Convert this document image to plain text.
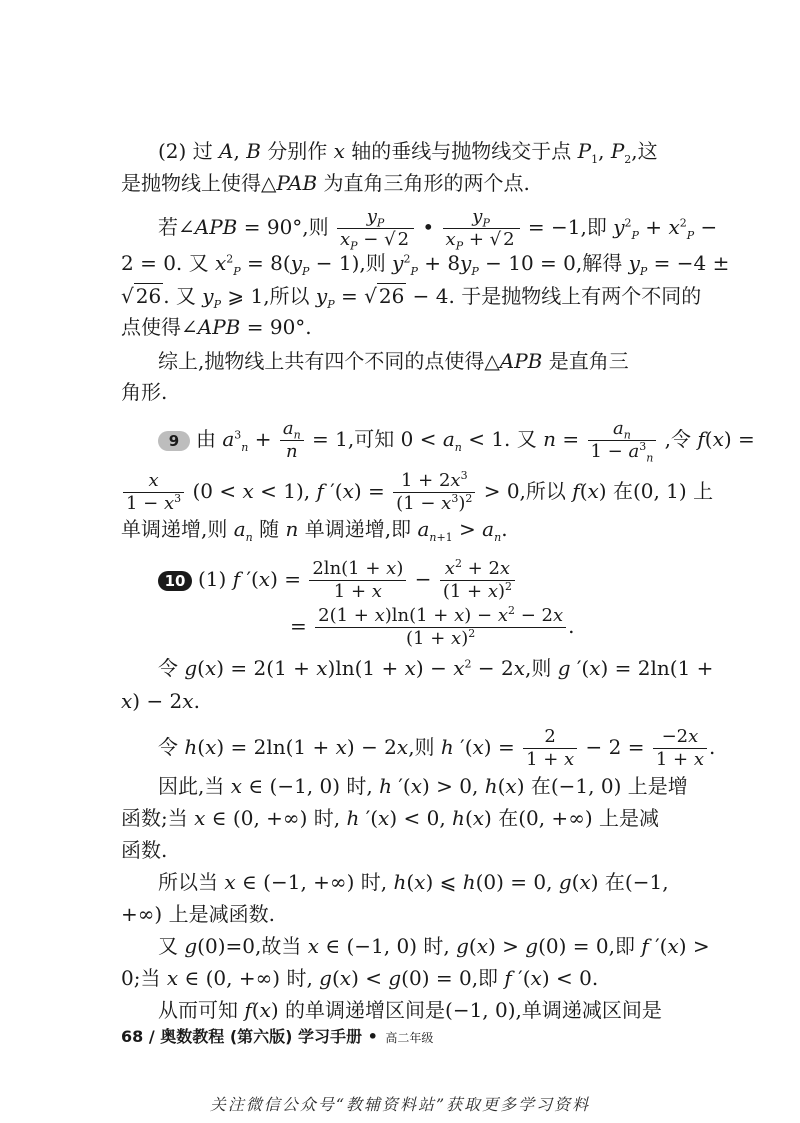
(2) 过 A, B 分别作 x 轴的垂线与抛物线交于点 $P_1$, $P_2$,这
是抛物线上使得△PAB 为直角三角形的两个点.
若∠APB = 90°,则 $\frac{y_P}{x_P - √ 2}$ • $\frac{y_P}{x_P + √ 2} = -1$,即 $y^2_P + x^2_P$ −
2 = 0. 又 $x^2_P = 8(y_P - 1)$,则 $y^2_P + 8y_P - 10 = 0$,解得 $y_P = -4$ ±
√ 26 . 又 $y_P$ ⩾ 1,所以 $y_P$ = √ 26 − 4. 于是抛物线上有两个不同的
点使得∠APB = 90°.
综上,抛物线上共有四个不同的点使得△APB 是直角三
角形.
9 由 $a^3_n + \frac{a_n}{n} = 1$,可知 $0 < a_n < 1$. 又 $n = \frac{a_n}{1 - a^3_n}$ ,令 f(x) =
$\frac{x}{1 - x^3} (0 < x < 1)$, f $'(x) = \frac{1 + 2x^3}{(1 - x^3)^2} > 0$,所以 f(x) 在(0, 1) 上
单调递增,则 $a_n$ 随 n 单调递增,即 $a_{n+1} > a_n$.
10 (1) f $'(x) = \frac{2\ln(1 + x)}{1 + x} - \frac{x^2 + 2x}{(1 + x)^2}$
= $\frac{2(1 + x)\ln(1 + x) - x^2 - 2x}{(1 + x)^2}$ .
令 $g(x) = 2(1 + x)\ln(1 + x) - x^2 - 2x$,则 g ′(x) = 2ln(1 +
x) − 2x.
令 h(x) = 2ln(1 + x) − 2x,则 h $'(x) = \frac{2}{1 + x} - 2 = \frac{-2x}{1 + x}$ .
因此,当 x ∈ (−1, 0) 时, h ′(x) > 0, h(x) 在(−1, 0) 上是增
函数;当 x ∈ (0, +∞) 时, h ′(x) < 0, h(x) 在(0, +∞) 上是减
函数.
所以当 x ∈ (−1, +∞) 时, h(x) ⩽ h(0) = 0, g(x) 在(−1,
+∞) 上是减函数.
又 g(0)=0,故当 x ∈ (−1, 0) 时, g(x) > g(0) = 0,即 f ′(x) >
0;当 x ∈ (0, +∞) 时, g(x) < g(0) = 0,即 f ′(x) < 0.
从而可知 f(x) 的单调递增区间是(−1, 0),单调递减区间是
68 / 奥数教程 (第六版) 学习手册 • 高二年级
关注微信公众号“教辅资料站”获取更多学习资料
